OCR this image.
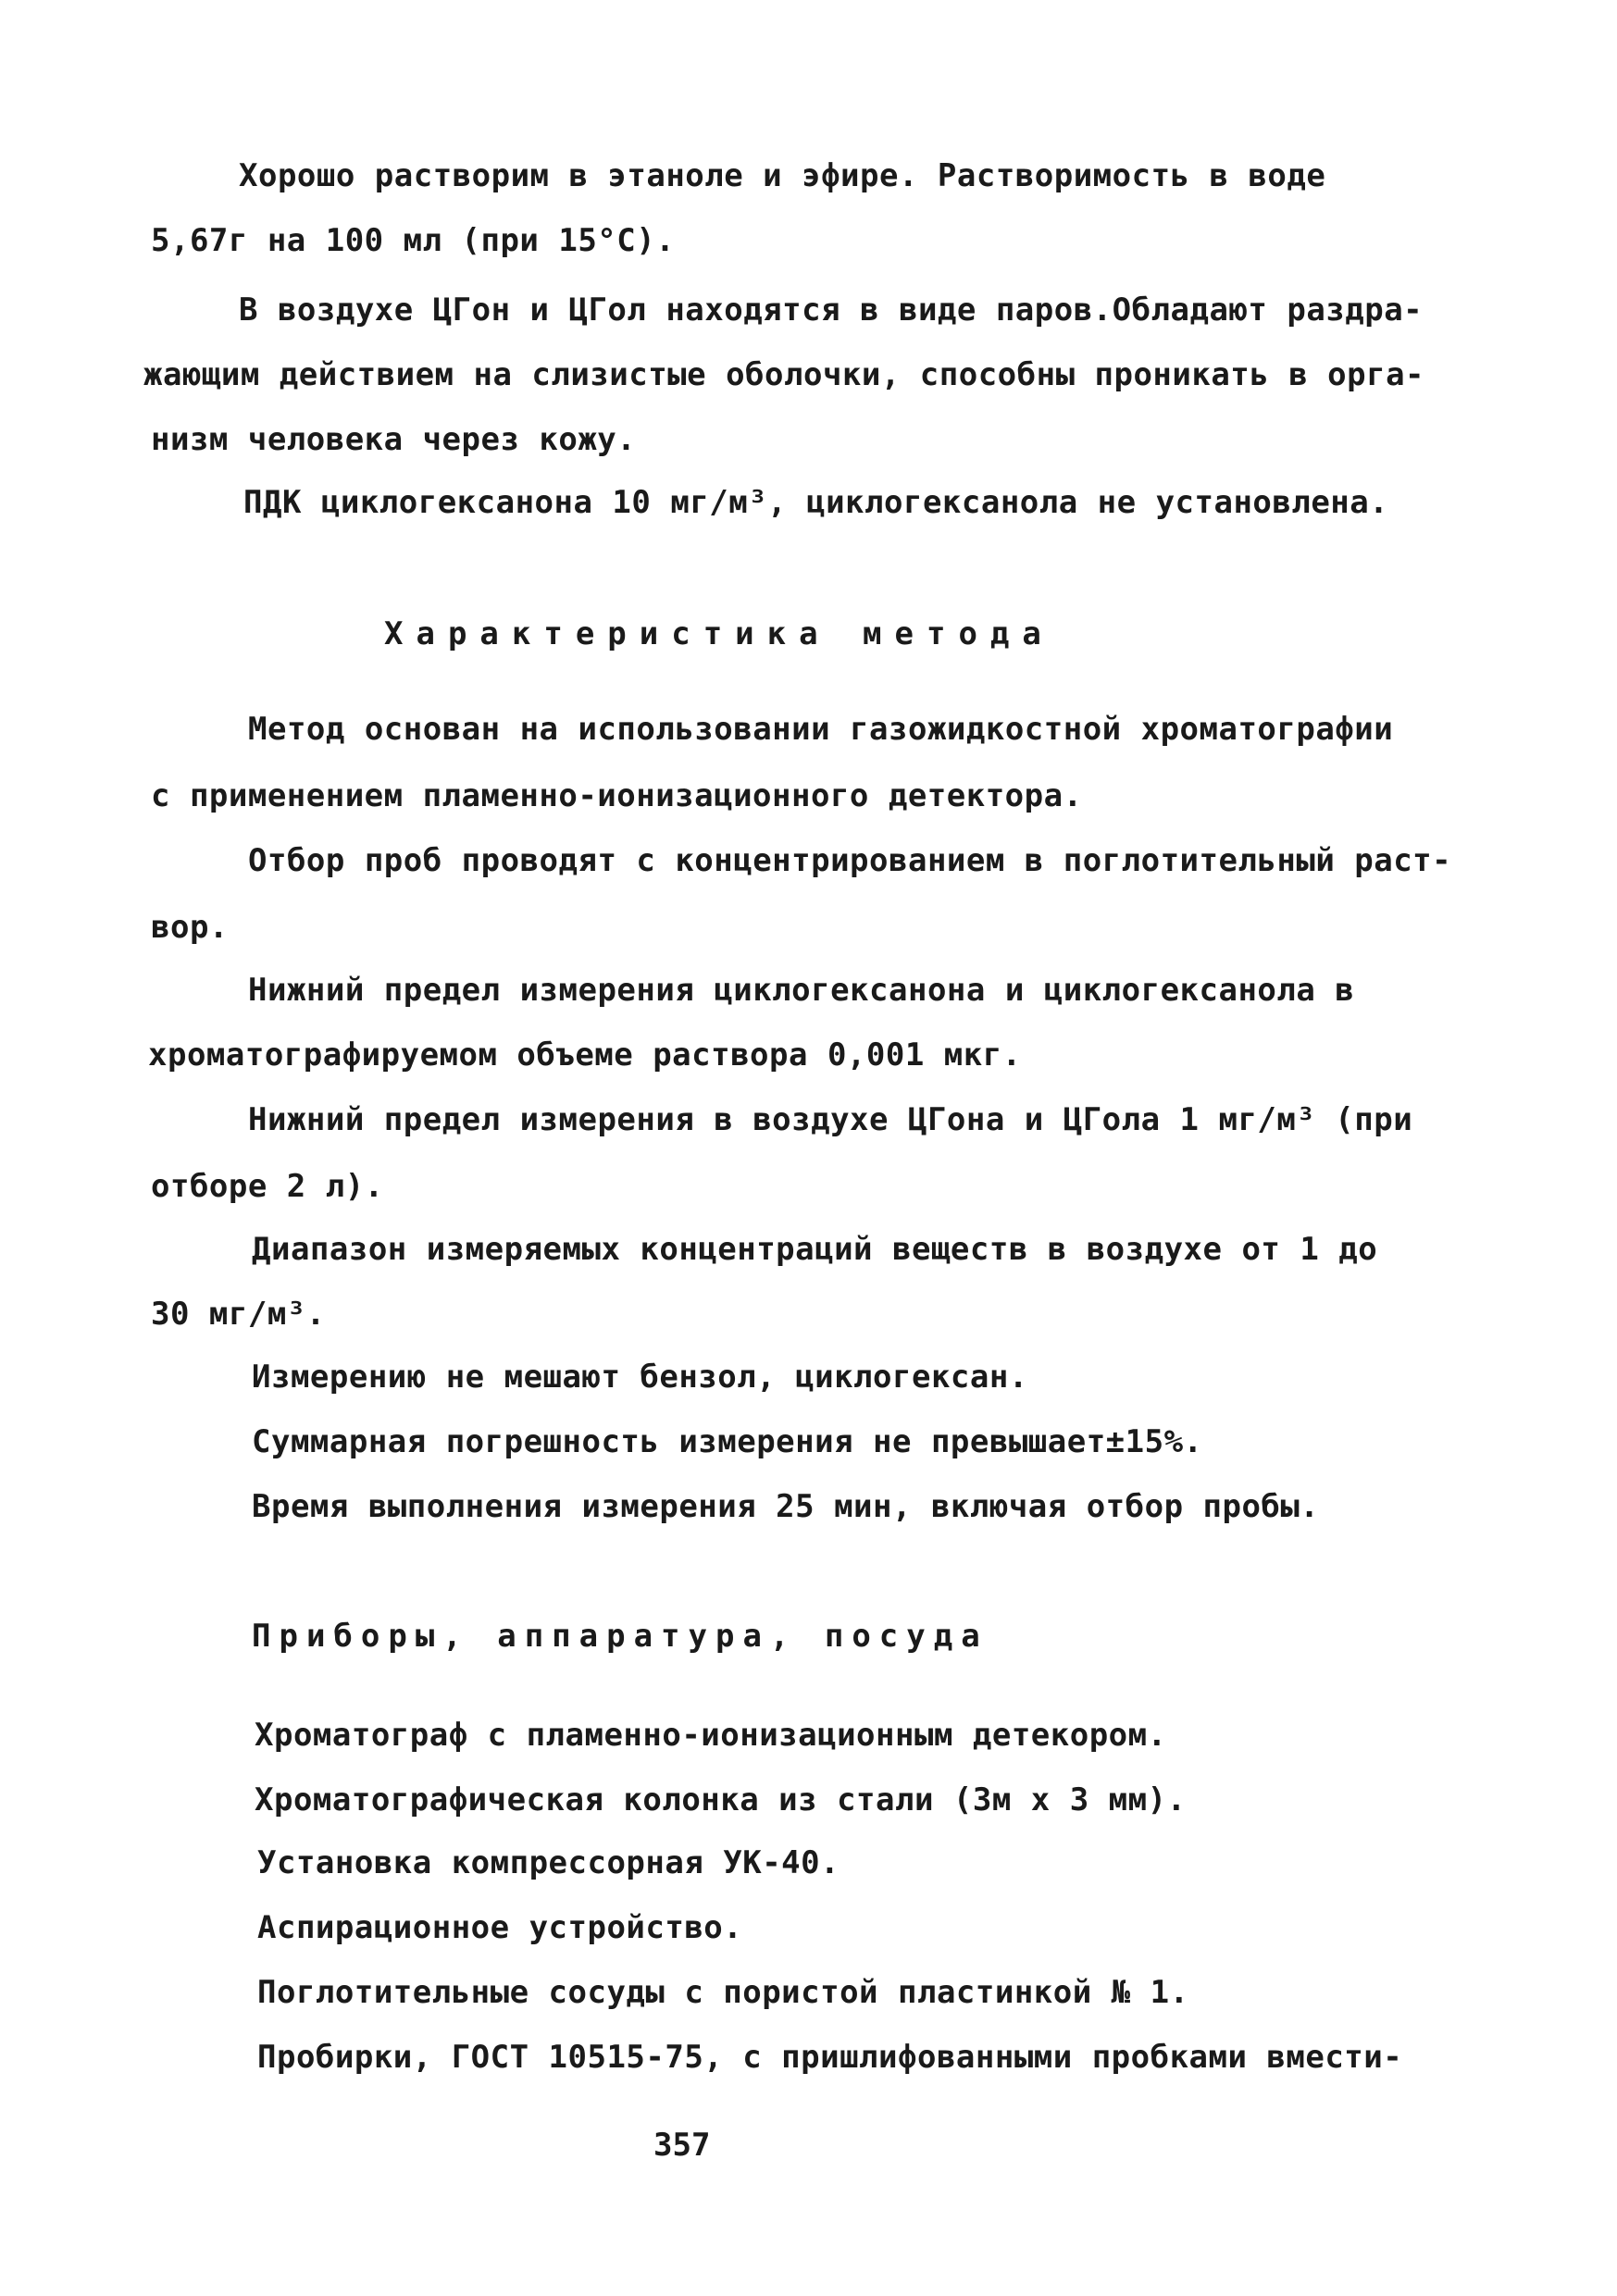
Хорошо растворим в этаноле и эфире. Растворимость в воде
5,67г на 100 мл (при 15°С).
В воздухе ЦГон и ЦГол находятся в виде паров.Обладают раздра-
жающим действием на слизистые оболочки, способны проникать в орга-
низм человека через кожу.
ПДК циклогексанона 10 мг/м³, циклогексанола не установлена.
Характеристика метода
Метод основан на использовании газожидкостной хроматографии
с применением пламенно-ионизационного детектора.
Отбор проб проводят с концентрированием в поглотительный раст-
вор.
Нижний предел измерения циклогексанона и циклогексанола в
хроматографируемом объеме раствора 0,001 мкг.
Нижний предел измерения в воздухе ЦГона и ЦГола 1 мг/м³ (при
отборе 2 л).
Диапазон измеряемых концентраций веществ в воздухе от 1 до
30 мг/м³.
Измерению не мешают бензол, циклогексан.
Суммарная погрешность измерения не превышает±15%.
Время выполнения измерения 25 мин, включая отбор пробы.
Приборы, аппаратура, посуда
Хроматограф с пламенно-ионизационным детекором.
Хроматографическая колонка из стали (3м х 3 мм).
Установка компрессорная УК-40.
Аспирационное устройство.
Поглотительные сосуды с пористой пластинкой № 1.
Пробирки, ГОСТ 10515-75, с пришлифованными пробками вмести-
357
